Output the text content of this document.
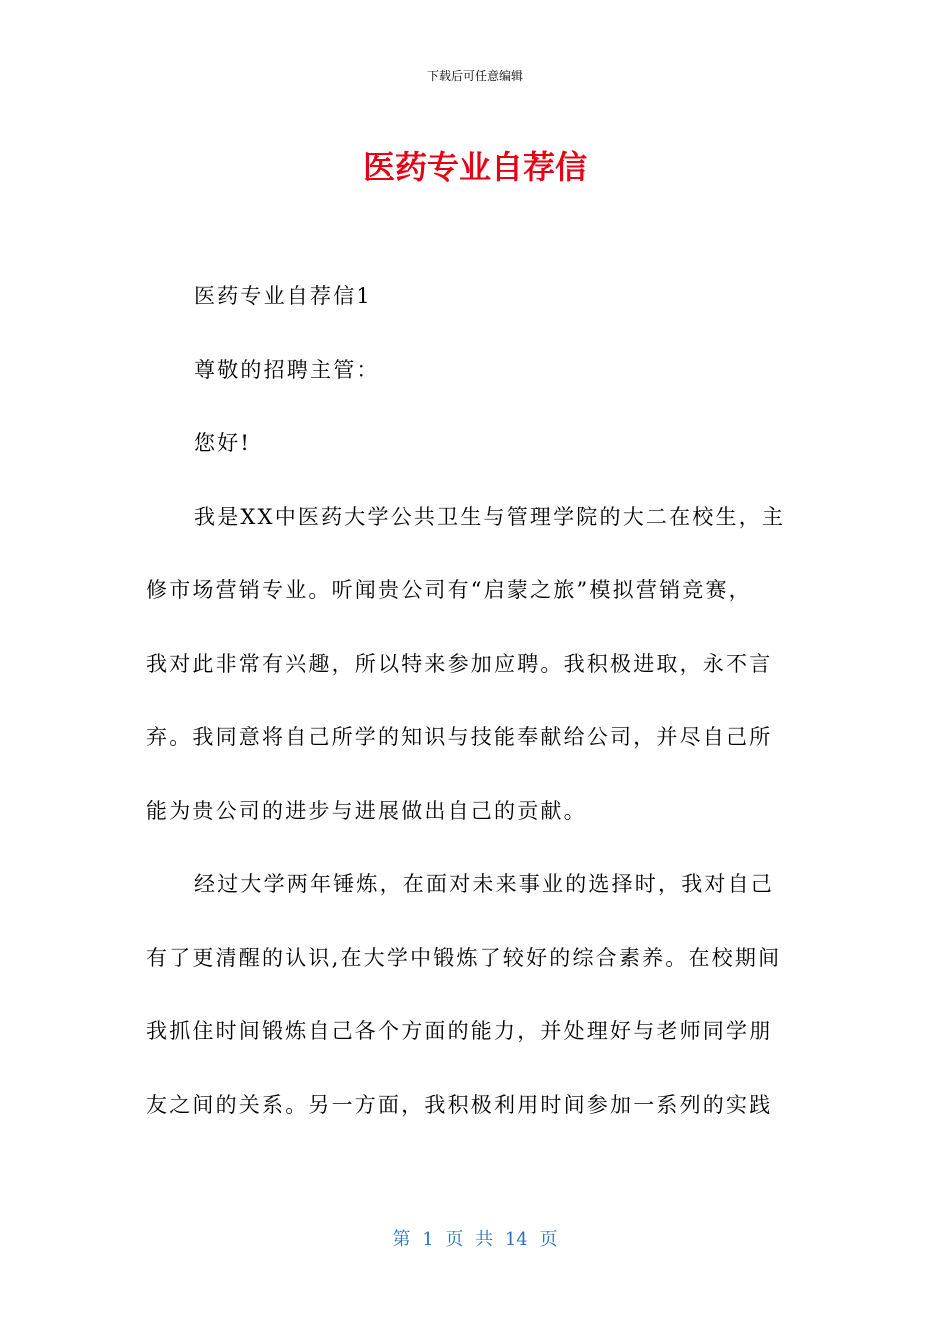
下载后可任意编辑
医药专业自荐信
医药专业自荐信1
尊敬的招聘主管：
您好!
我是XX中医药大学公共卫生与管理学院的大二在校生，主
修市场营销专业。听闻贵公司有“启蒙之旅”模拟营销竞赛，
我对此非常有兴趣，所以特来参加应聘。我积极进取，永不言
弃。我同意将自己所学的知识与技能奉献给公司，并尽自己所
能为贵公司的进步与进展做出自己的贡献。
经过大学两年锤炼，在面对未来事业的选择时，我对自己
有了更清醒的认识,在大学中锻炼了较好的综合素养。在校期间
我抓住时间锻炼自己各个方面的能力，并处理好与老师同学朋
友之间的关系。另一方面，我积极利用时间参加一系列的实践
第 1 页 共 14 页
